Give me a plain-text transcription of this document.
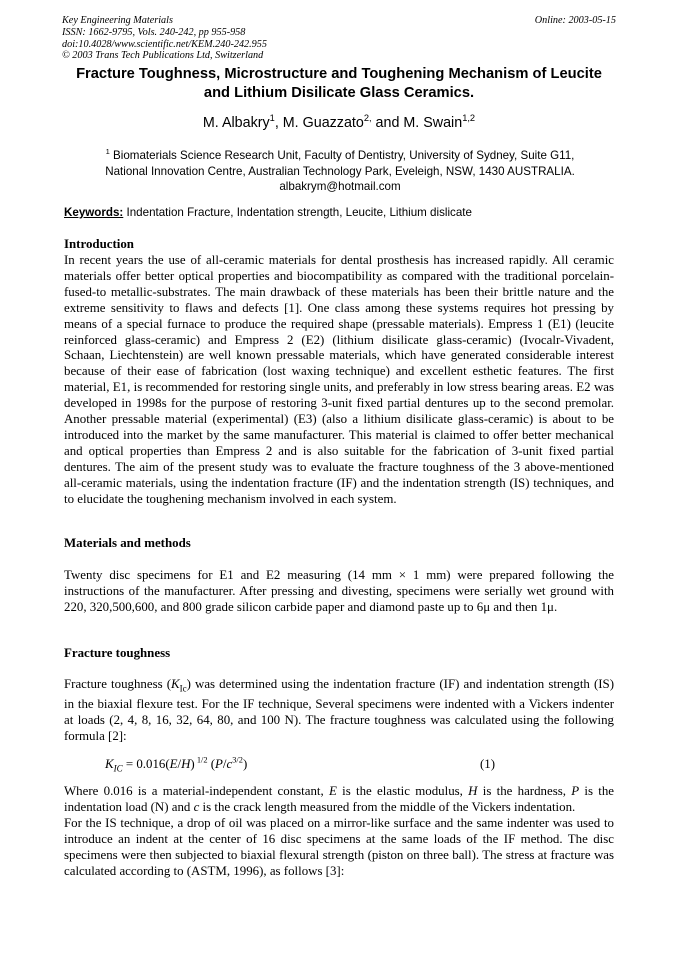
Key Engineering Materials
ISSN: 1662-9795, Vols. 240-242, pp 955-958
doi:10.4028/www.scientific.net/KEM.240-242.955
© 2003 Trans Tech Publications Ltd, Switzerland
Online: 2003-05-15
Fracture Toughness, Microstructure and Toughening Mechanism of Leucite and Lithium Disilicate Glass Ceramics.
M. Albakry$^1$, M. Guazzato$^{2,}$ and M. Swain$^{1,2}$
$^1$ Biomaterials Science Research Unit, Faculty of Dentistry, University of Sydney, Suite G11,
National Innovation Centre, Australian Technology Park, Eveleigh, NSW, 1430 AUSTRALIA.
albakrym@hotmail.com
Keywords: Indentation Fracture, Indentation strength, Leucite, Lithium dislicate
Introduction
In recent years the use of all-ceramic materials for dental prosthesis has increased rapidly. All ceramic materials offer better optical properties and biocompatibility as compared with the traditional porcelain-fused-to metallic-substrates. The main drawback of these materials has been their brittle nature and the extreme sensitivity to flaws and defects [1]. One class among these systems requires hot pressing by means of a special furnace to produce the required shape (pressable materials). Empress 1 (E1) (leucite reinforced glass-ceramic) and Empress 2 (E2) (lithium disilicate glass-ceramic) (Ivocalr-Vivadent, Schaan, Liechtenstein) are well known pressable materials, which have generated considerable interest because of their ease of fabrication (lost waxing technique) and excellent esthetic features. The first material, E1, is recommended for restoring single units, and preferably in low stress bearing areas. E2 was developed in 1998s for the purpose of restoring 3-unit fixed partial dentures up to the second premolar. Another pressable material (experimental) (E3) (also a lithium disilicate glass-ceramic) is about to be introduced into the market by the same manufacturer. This material is claimed to offer better mechanical and optical properties than Empress 2 and is also suitable for the fabrication of 3-unit fixed partial dentures. The aim of the present study was to evaluate the fracture toughness of the 3 above-mentioned all-ceramic materials, using the indentation fracture (IF) and the indentation strength (IS) techniques, and to elucidate the toughening mechanism involved in each system.
Materials and methods
Twenty disc specimens for E1 and E2 measuring (14 mm × 1 mm) were prepared following the instructions of the manufacturer. After pressing and divesting, specimens were serially wet ground with 220, 320,500,600, and 800 grade silicon carbide paper and diamond paste up to 6μ and then 1μ.
Fracture toughness
Fracture toughness $(K_{Ic})$ was determined using the indentation fracture (IF) and indentation strength (IS) in the biaxial flexure test. For the IF technique, Several specimens were indented with a Vickers indenter at loads (2, 4, 8, 16, 32, 64, 80, and 100 N). The fracture toughness was calculated using the following formula [2]:
$K_{IC} = 0.016(E/H)$ $^{1/2}$ $(P/c^{3/2})$	(1)
Where 0.016 is a material-independent constant, E is the elastic modulus, H is the hardness, P is the indentation load (N) and c is the crack length measured from the middle of the Vickers indentation.
For the IS technique, a drop of oil was placed on a mirror-like surface and the same indenter was used to introduce an indent at the center of 16 disc specimens at the same loads of the IF method. The disc specimens were then subjected to biaxial flexural strength (piston on three ball). The stress at fracture was calculated according to (ASTM, 1996), as follows [3]:
